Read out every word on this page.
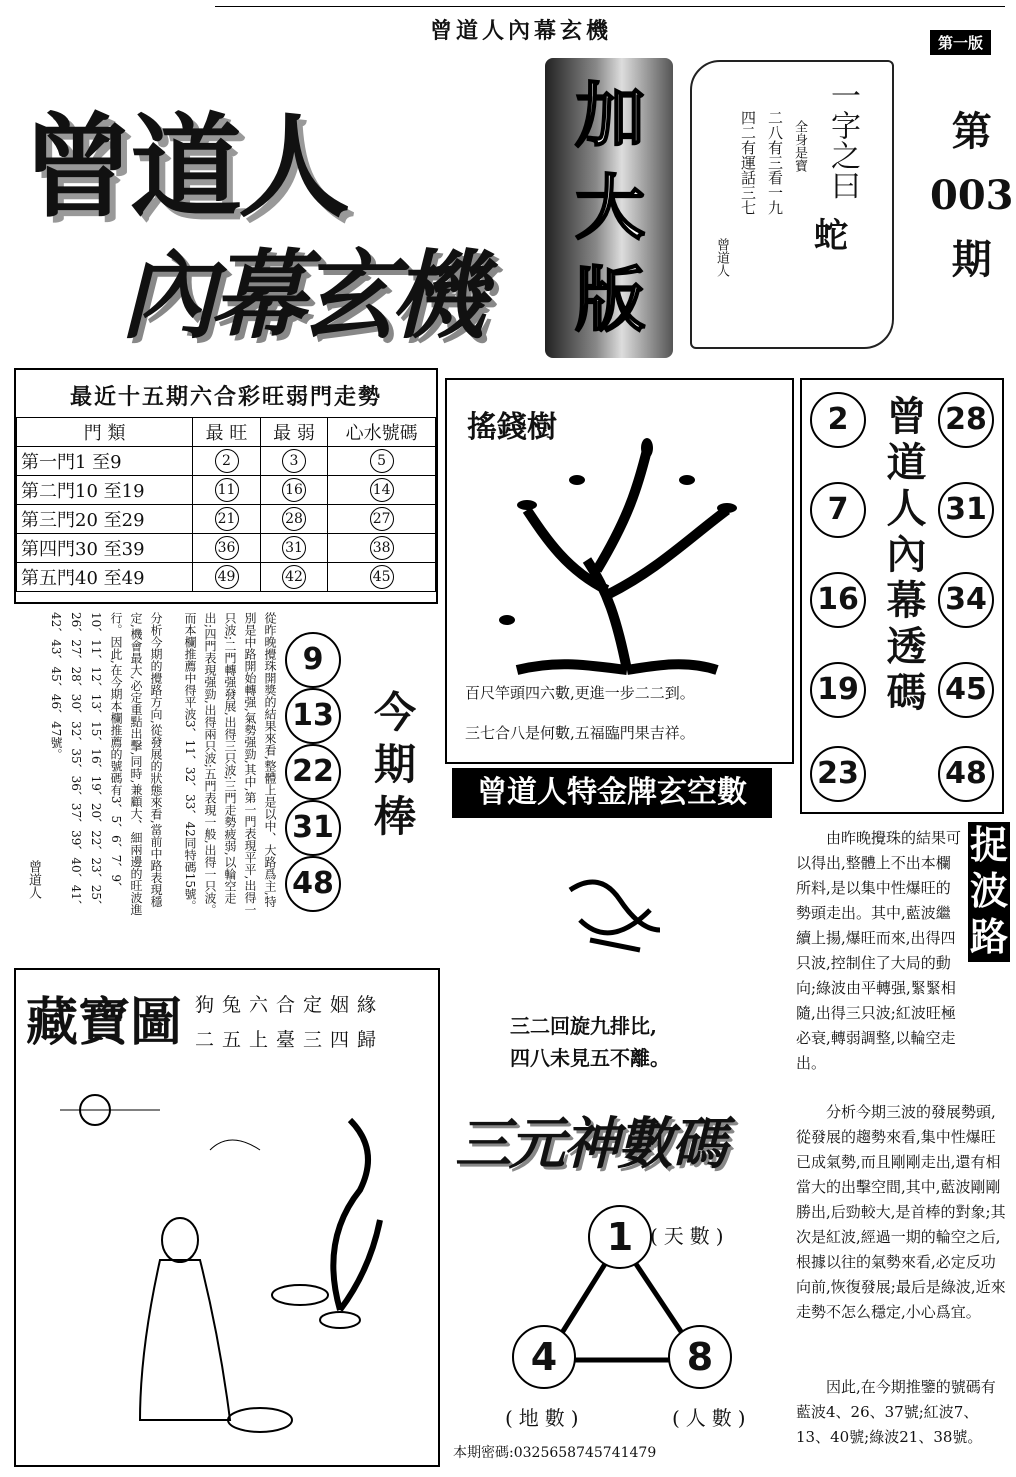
曾道人內幕玄機	第一版
曾道人
內幕玄機
加大版
一字之曰
全身是寶
二八有三看一九
四二有運話三七
蛇
曾道人
第
003
期
最近十五期六合彩旺弱門走勢
門 類	最 旺	最 弱	心水號碼
第一門1 至9	2	3	5
第二門10 至19	11	16	14
第三門20 至29	21	28	27
第四門30 至39	36	31	38
第五門40 至49	49	42	45
搖錢樹
百尺竿頭四六數,更進一步二二到。
三七合八是何數,五福臨門果吉祥。
2
7
16
19
23
28
31
34
45
48
曾道人內幕透碼
從昨晚攪珠開獎的結果來看,整體上是以中、大路爲主,特別是中路開始轉强,氣勢强勁,其中,第一門表現平平,出得一只波;二門轉强發展,出得三只波;三門走勢疲弱,以輪空走出;四門表現强勁,出得兩只波;五門表現一般,出得一只波。而本欄推薦中得平波3、11、32、33、42同特碼15號。
分析今期的攪路方向,從發展的狀態來看,當前中路表現穩定,機會最大,必定重點出擊,同時,兼顧大、細兩邊的旺波進行。因此,在今期本欄推薦的號碼有3、5、6、7、9、10、11、12、13、15、16、19、20、22、23、25、26、27、28、30、32、35、36、37、39、40、41、42、43、45、46、47號。
曾道人
9
13
22
31
48
今期棒	曾道人特金牌玄空數
三二回旋九排比,
四八未見五不離。
藏寶圖 狗兔六合定姻緣
二五上臺三四歸
捉波路
由昨晚攪珠的結果可以得出,整體上不出本欄所料,是以集中性爆旺的勢頭走出。其中,藍波繼續上揚,爆旺而來,出得四只波,控制住了大局的動向;綠波由平轉强,緊緊相隨,出得三只波;紅波旺極必衰,轉弱調整,以輪空走出。
分析今期三波的發展勢頭,從發展的趨勢來看,集中性爆旺已成氣勢,而且剛剛走出,還有相當大的出擊空間,其中,藍波剛剛勝出,后勁較大,是首棒的對象;其次是紅波,經過一期的輪空之后,根據以往的氣勢來看,必定反功向前,恢復發展;最后是綠波,近來走勢不怎么穩定,小心爲宜。
因此,在今期推鑒的號碼有藍波4、26、37號;紅波7、13、40號;綠波21、38號。
三元神數碼
1
4	8
(天數)
(地數)	(人數)
本期密碼:0325658745741479
